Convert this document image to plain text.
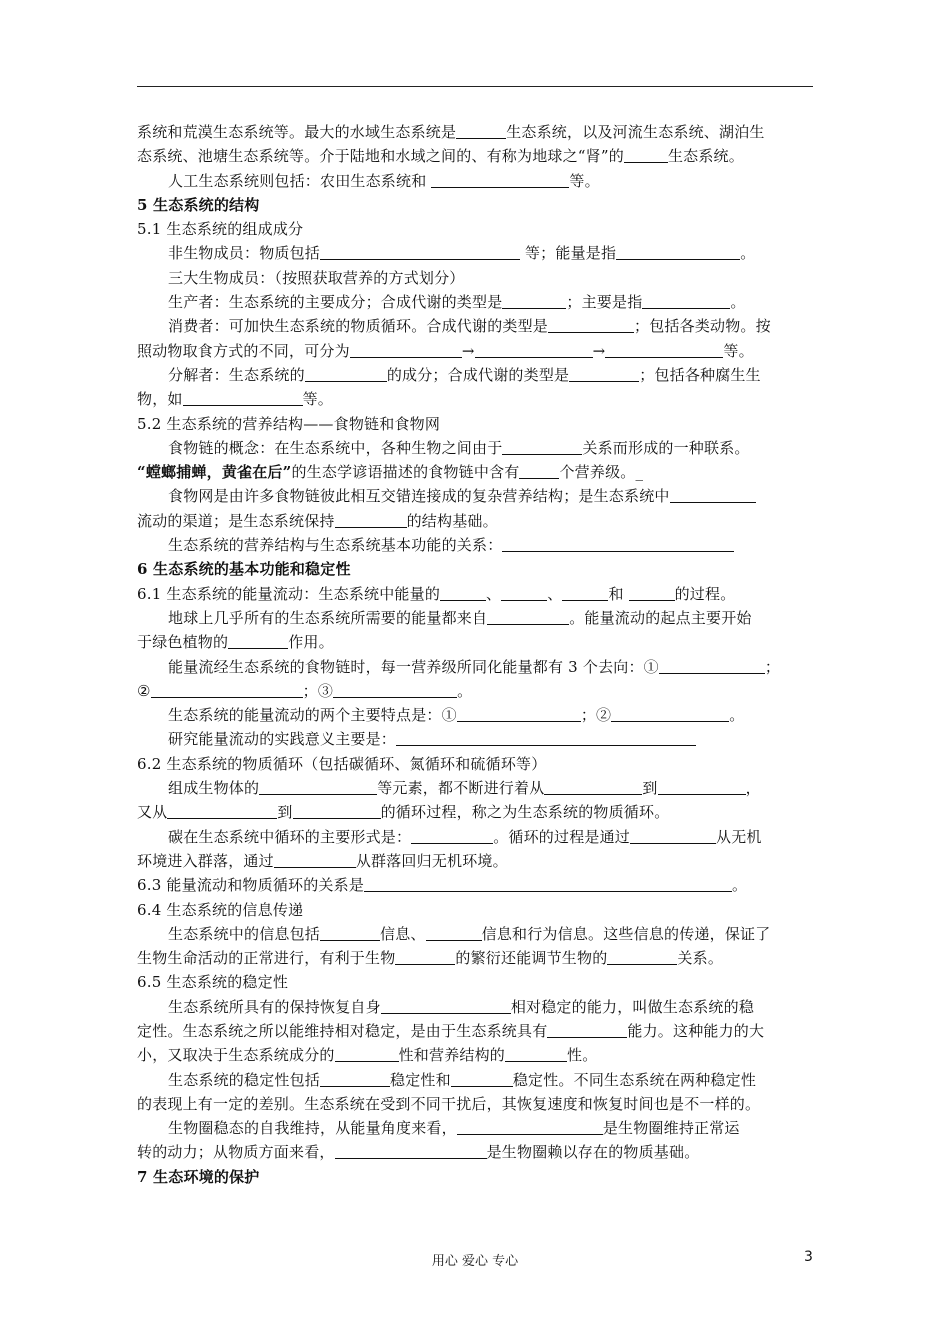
系统和荒漠生态系统等。最大的水域生态系统是	生态系统，以及河流生态系统、湖泊生

态系统、池塘生态系统等。介于陆地和水域之间的、有称为地球之“肾”的	生态系统。

人工生态系统则包括：农田生态系统和	等。

5 生态系统的结构

5.1 生态系统的组成成分

非生物成员：物质包括	等；能量是指	。

三大生物成员：（按照获取营养的方式划分）

生产者：生态系统的主要成分；合成代谢的类型是	；主要是指	。

消费者：可加快生态系统的物质循环。合成代谢的类型是	；包括各类动物。按

照动物取食方式的不同，可分为	→	→	等。

分解者：生态系统的	的成分；合成代谢的类型是	；包括各种腐生生

物，如	等。

5.2 生态系统的营养结构——食物链和食物网

食物链的概念：在生态系统中，各种生物之间由于	关系而形成的一种联系。

“螳螂捕蝉，黄雀在后”的生态学谚语描述的食物链中含有	个营养级。_

食物网是由许多食物链彼此相互交错连接成的复杂营养结构；是生态系统中

流动的渠道；是生态系统保持	的结构基础。

生态系统的营养结构与生态系统基本功能的关系：

6 生态系统的基本功能和稳定性

6.1 生态系统的能量流动：生态系统中能量的	、	、	和	的过程。

地球上几乎所有的生态系统所需要的能量都来自	。能量流动的起点主要开始

于绿色植物的	作用。

能量流经生态系统的食物链时，每一营养级所同化能量都有 3 个去向：①	；

②	；③	。

生态系统的能量流动的两个主要特点是：①	；②	。

研究能量流动的实践意义主要是：

6.2 生态系统的物质循环（包括碳循环、氮循环和硫循环等）

组成生物体的	等元素，都不断进行着从	到	，

又从	到	的循环过程，称之为生态系统的物质循环。

碳在生态系统中循环的主要形式是：	。循环的过程是通过	从无机

环境进入群落，通过	从群落回归无机环境。

6.3 能量流动和物质循环的关系是	。

6.4 生态系统的信息传递

生态系统中的信息包括	信息、	信息和行为信息。这些信息的传递，保证了

生物生命活动的正常进行，有利于生物	的繁衍还能调节生物的	关系。

6.5 生态系统的稳定性

生态系统所具有的保持恢复自身	相对稳定的能力，叫做生态系统的稳

定性。生态系统之所以能维持相对稳定，是由于生态系统具有	能力。这种能力的大

小，又取决于生态系统成分的	性和营养结构的	性。

生态系统的稳定性包括	稳定性和	稳定性。不同生态系统在两种稳定性

的表现上有一定的差别。生态系统在受到不同干扰后，其恢复速度和恢复时间也是不一样的。

生物圈稳态的自我维持，从能量角度来看，	是生物圈维持正常运

转的动力；从物质方面来看，	是生物圈赖以存在的物质基础。

7 生态环境的保护

用心 爱心 专心	3
